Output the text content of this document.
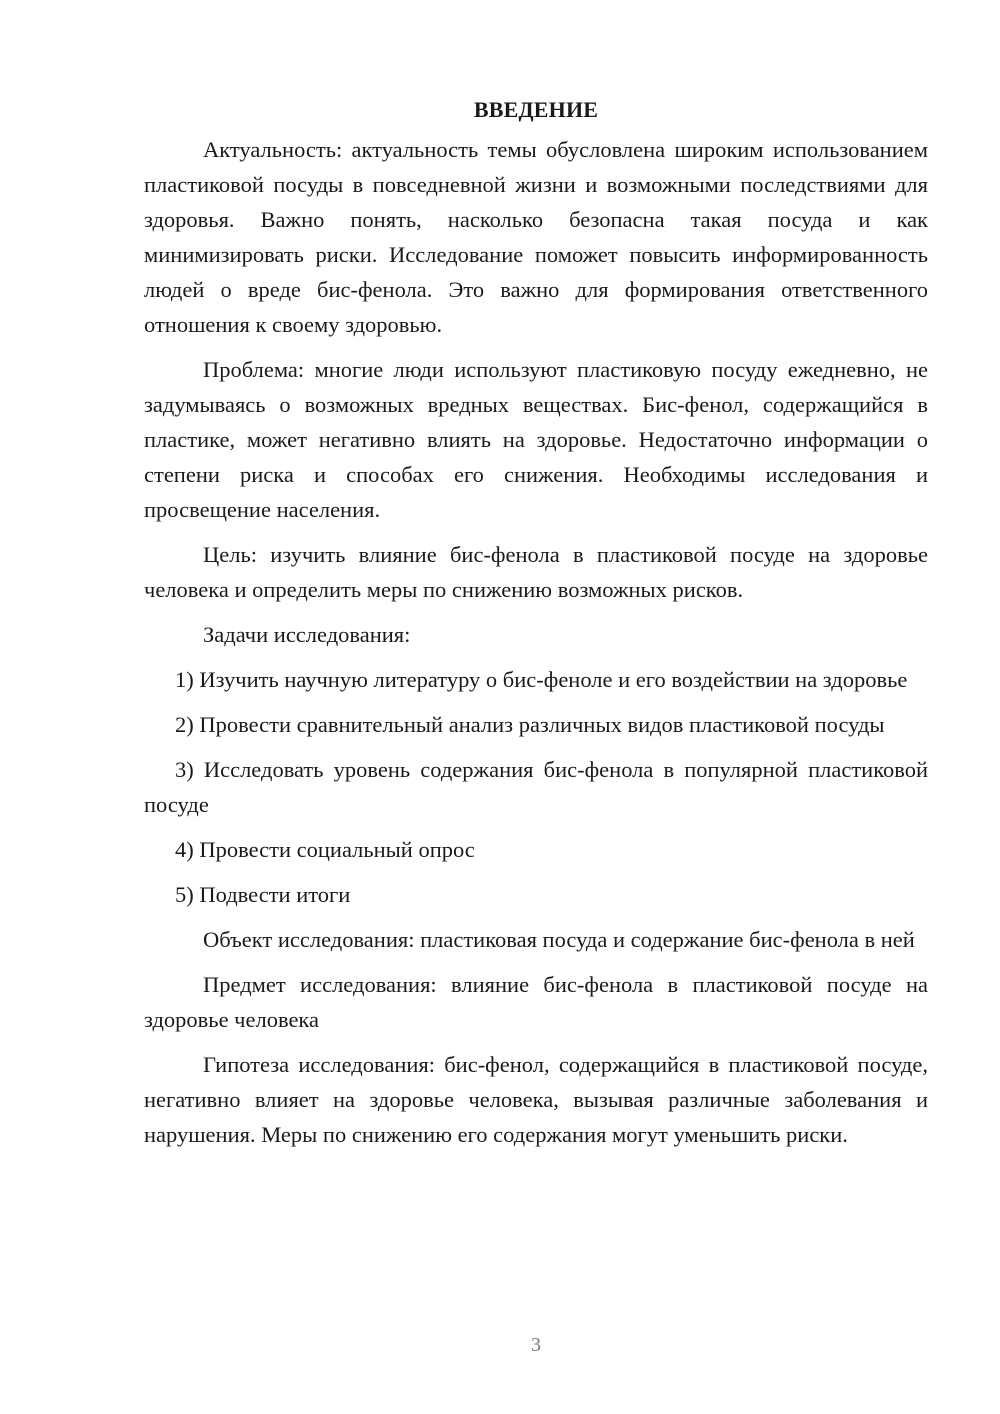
ВВЕДЕНИЕ

Актуальность: актуальность темы обусловлена широким использованием пластиковой посуды в повседневной жизни и возможными последствиями для здоровья. Важно понять, насколько безопасна такая посуда и как минимизировать риски. Исследование поможет повысить информированность людей о вреде бис-фенола. Это важно для формирования ответственного отношения к своему здоровью.

Проблема: многие люди используют пластиковую посуду ежедневно, не задумываясь о возможных вредных веществах. Бис-фенол, содержащийся в пластике, может негативно влиять на здоровье. Недостаточно информации о степени риска и способах его снижения. Необходимы исследования и просвещение населения.

Цель: изучить влияние бис-фенола в пластиковой посуде на здоровье человека и определить меры по снижению возможных рисков.

Задачи исследования:

1) Изучить научную литературу о бис-феноле и его воздействии на здоровье

2) Провести сравнительный анализ различных видов пластиковой посуды

3) Исследовать уровень содержания бис-фенола в популярной пластиковой посуде

4) Провести социальный опрос

5) Подвести итоги

Объект исследования: пластиковая посуда и содержание бис-фенола в ней

Предмет исследования: влияние бис-фенола в пластиковой посуде на здоровье человека

Гипотеза исследования: бис-фенол, содержащийся в пластиковой посуде, негативно влияет на здоровье человека, вызывая различные заболевания и нарушения. Меры по снижению его содержания могут уменьшить риски.

3
